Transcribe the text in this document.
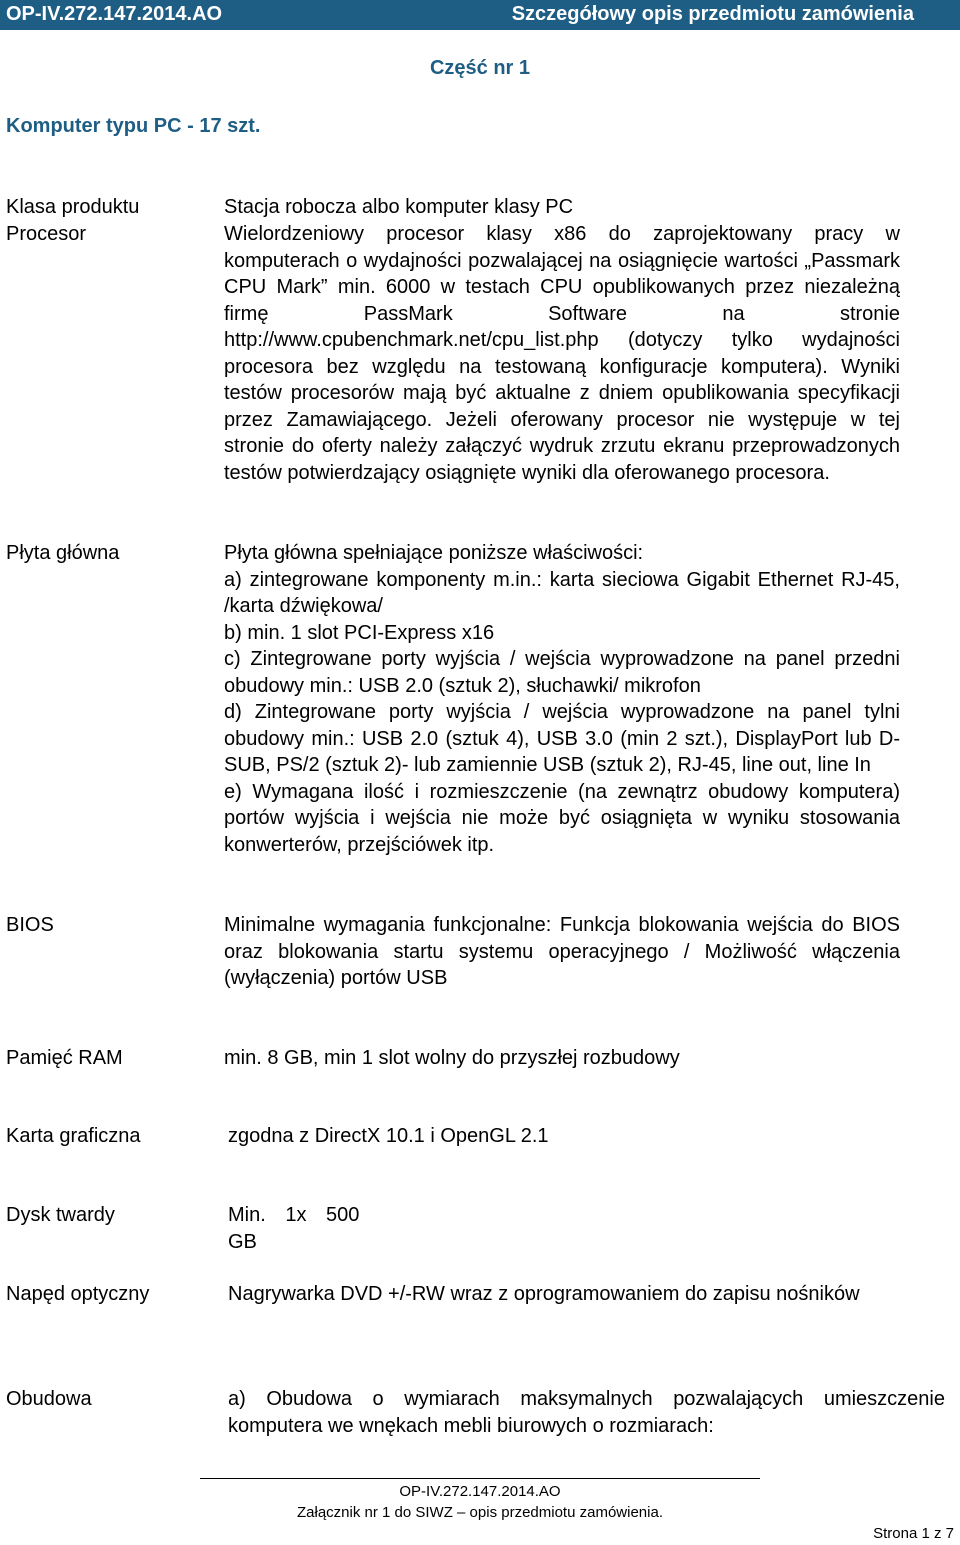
OP-IV.272.147.2014.AO	Szczegółowy opis przedmiotu zamówienia
Część nr 1
Komputer typu PC - 17 szt.
Klasa produktu	Stacja robocza albo komputer klasy PC
Procesor	Wielordzeniowy procesor klasy x86 do zaprojektowany pracy w komputerach o wydajności pozwalającej na osiągnięcie wartości „Passmark CPU Mark” min. 6000 w testach CPU opublikowanych przez niezależną firmę PassMark Software na stronie http://www.cpubenchmark.net/cpu_list.php (dotyczy tylko wydajności procesora bez względu na testowaną konfiguracje komputera). Wyniki testów procesorów mają być aktualne z dniem opublikowania specyfikacji przez Zamawiającego. Jeżeli oferowany procesor nie występuje w tej stronie do oferty należy załączyć wydruk zrzutu ekranu przeprowadzonych testów potwierdzający osiągnięte wyniki dla oferowanego procesora.
Płyta główna	Płyta główna spełniające poniższe właściwości:
a) zintegrowane komponenty m.in.: karta sieciowa Gigabit Ethernet RJ-45, /karta dźwiękowa/
b) min. 1 slot PCI-Express x16
c) Zintegrowane porty wyjścia / wejścia wyprowadzone na panel przedni obudowy min.: USB 2.0 (sztuk 2), słuchawki/ mikrofon
d) Zintegrowane porty wyjścia / wejścia wyprowadzone na panel tylni obudowy min.: USB 2.0 (sztuk 4), USB 3.0 (min 2 szt.), DisplayPort lub D-SUB, PS/2 (sztuk 2)- lub zamiennie USB (sztuk 2), RJ-45, line out, line In
e) Wymagana ilość i rozmieszczenie (na zewnątrz obudowy komputera) portów wyjścia i wejścia nie może być osiągnięta w wyniku stosowania konwerterów, przejściówek itp.
BIOS	Minimalne wymagania funkcjonalne: Funkcja blokowania wejścia do BIOS oraz blokowania startu systemu operacyjnego / Możliwość włączenia (wyłączenia) portów USB
Pamięć RAM	min. 8 GB, min 1 slot wolny do przyszłej rozbudowy
Karta graficzna	zgodna z DirectX 10.1 i OpenGL 2.1
Dysk twardy	Min. 1x 500
GB
Napęd optyczny	Nagrywarka DVD +/-RW wraz z oprogramowaniem do zapisu nośników
Obudowa	a) Obudowa o wymiarach maksymalnych pozwalających umieszczenie komputera we wnękach mebli biurowych o rozmiarach:
OP-IV.272.147.2014.AO
Załącznik nr 1 do SIWZ – opis przedmiotu zamówienia.
Strona 1 z 7
